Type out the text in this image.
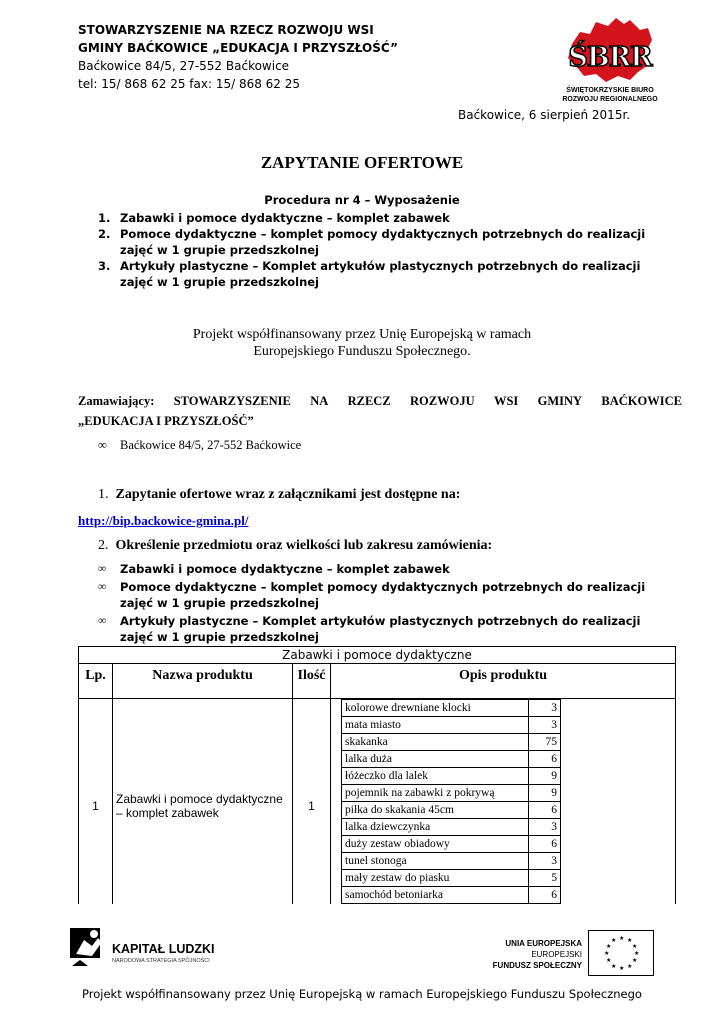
STOWARZYSZENIE NA RZECZ ROZWOJU WSI
GMINY BAĆKOWICE „EDUKACJA I PRZYSZŁOŚĆ”
Baćkowice 84/5, 27-552 Baćkowice
tel: 15/ 868 62 25 fax: 15/ 868 62 25
ŚBRR
ŚWIĘTOKRZYSKIE BIURO
ROZWOJU REGIONALNEGO
Baćkowice, 6 sierpień 2015r.
ZAPYTANIE OFERTOWE
Procedura nr 4 – Wyposażenie
1. Zabawki i pomoce dydaktyczne – komplet zabawek
2. Pomoce dydaktyczne – komplet pomocy dydaktycznych potrzebnych do realizacji zajęć w 1 grupie przedszkolnej
3. Artykuły plastyczne – Komplet artykułów plastycznych potrzebnych do realizacji zajęć w 1 grupie przedszkolnej
Projekt współfinansowany przez Unię Europejską w ramach
Europejskiego Funduszu Społecznego.
Zamawiający: STOWARZYSZENIE NA RZECZ ROZWOJU WSI GMINY BAĆKOWICE
„EDUKACJA I PRZYSZŁOŚĆ”
∞ Baćkowice 84/5, 27-552 Baćkowice
1. Zapytanie ofertowe wraz z załącznikami jest dostępne na:
http://bip.backowice-gmina.pl/
2. Określenie przedmiotu oraz wielkości lub zakresu zamówienia:
∞ Zabawki i pomoce dydaktyczne – komplet zabawek
∞ Pomoce dydaktyczne – komplet pomocy dydaktycznych potrzebnych do realizacji zajęć w 1 grupie przedszkolnej
∞ Artykuły plastyczne – Komplet artykułów plastycznych potrzebnych do realizacji zajęć w 1 grupie przedszkolnej
Zabawki i pomoce dydaktyczne
Lp.	Nazwa produktu	Ilość	Opis produktu
1	Zabawki i pomoce dydaktyczne – komplet zabawek	1	
kolorowe drewniane klocki	3
mata miasto	3
skakanka	75
lalka duża	6
łóżeczko dla lalek	9
pojemnik na zabawki z pokrywą	9
piłka do skakania 45cm	6
lalka dziewczynka	3
duży zestaw obiadowy	6
tunel stonoga	3
mały zestaw do piasku	5
samochód betoniarka	6
KAPITAŁ LUDZKI
NARODOWA STRATEGIA SPÓJNOŚCI
UNIA EUROPEJSKA
EUROPEJSKI
FUNDUSZ SPOŁECZNY
★ ★
★
★
★
★
★
★
★
★
★
★
Projekt współfinansowany przez Unię Europejską w ramach Europejskiego Funduszu Społecznego
